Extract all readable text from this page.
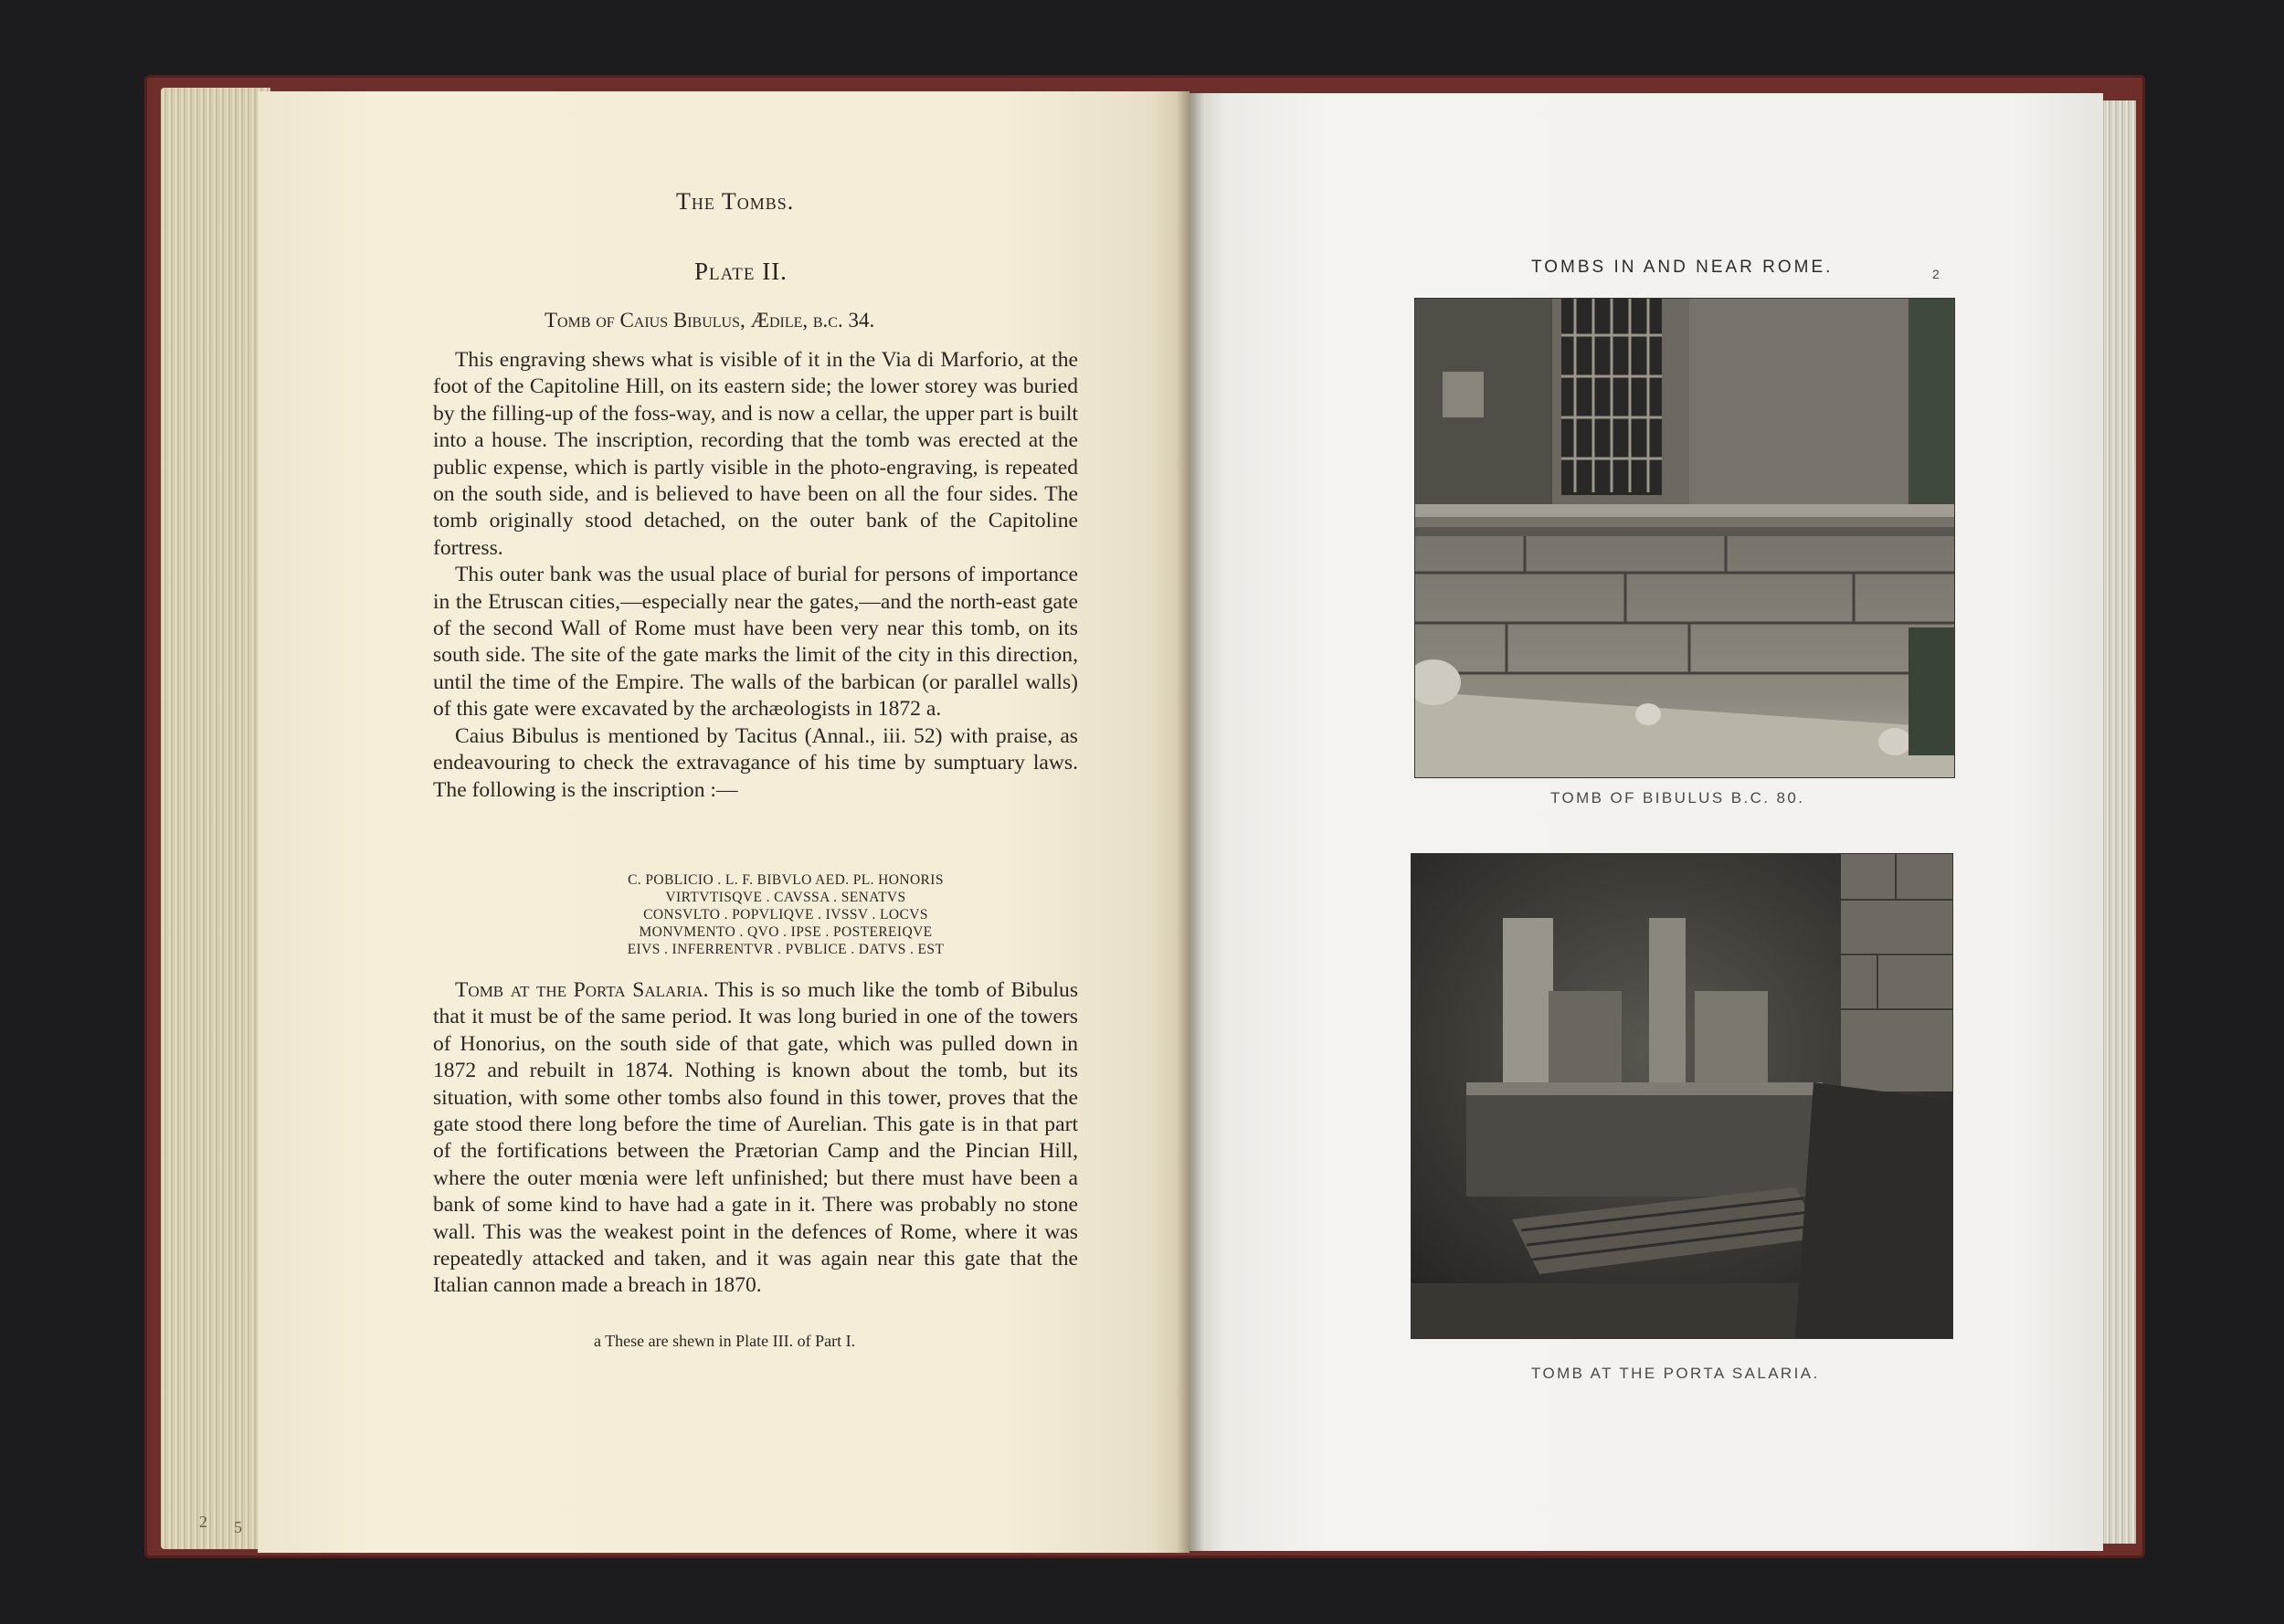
2 5
The Tombs.
Plate II.
Tomb of Caius Bibulus, Ædile, b.c. 34.

This engraving shews what is visible of it in the Via di Marforio, at the foot of the Capitoline Hill, on its eastern side; the lower storey was buried by the filling-up of the foss-way, and is now a cellar, the upper part is built into a house. The inscription, recording that the tomb was erected at the public expense, which is partly visible in the photo-engraving, is repeated on the south side, and is believed to have been on all the four sides. The tomb originally stood detached, on the outer bank of the Capitoline fortress.

This outer bank was the usual place of burial for persons of importance in the Etruscan cities,—especially near the gates,—and the north-east gate of the second Wall of Rome must have been very near this tomb, on its south side. The site of the gate marks the limit of the city in this direction, until the time of the Empire. The walls of the barbican (or parallel walls) of this gate were excavated by the archæologists in 1872 a.

Caius Bibulus is mentioned by Tacitus (Annal., iii. 52) with praise, as endeavouring to check the extravagance of his time by sumptuary laws. The following is the inscription :—

C. POBLICIO . L. F. BIBVLO AED. PL. HONORIS
VIRTVTISQVE . CAVSSA . SENATVS
CONSVLTO . POPVLIQVE . IVSSV . LOCVS
MONVMENTO . QVO . IPSE . POSTEREIQVE
EIVS . INFERRENTVR . PVBLICE . DATVS . EST

Tomb at the Porta Salaria. This is so much like the tomb of Bibulus that it must be of the same period. It was long buried in one of the towers of Honorius, on the south side of that gate, which was pulled down in 1872 and rebuilt in 1874. Nothing is known about the tomb, but its situation, with some other tombs also found in this tower, proves that the gate stood there long before the time of Aurelian. This gate is in that part of the fortifications between the Prætorian Camp and the Pincian Hill, where the outer mœnia were left unfinished; but there must have been a bank of some kind to have had a gate in it. There was probably no stone wall. This was the weakest point in the defences of Rome, where it was repeatedly attacked and taken, and it was again near this gate that the Italian cannon made a breach in 1870.

a These are shewn in Plate III. of Part I.
TOMBS IN AND NEAR ROME.	2
TOMB OF BIBULUS B.C. 80.
TOMB AT THE PORTA SALARIA.
